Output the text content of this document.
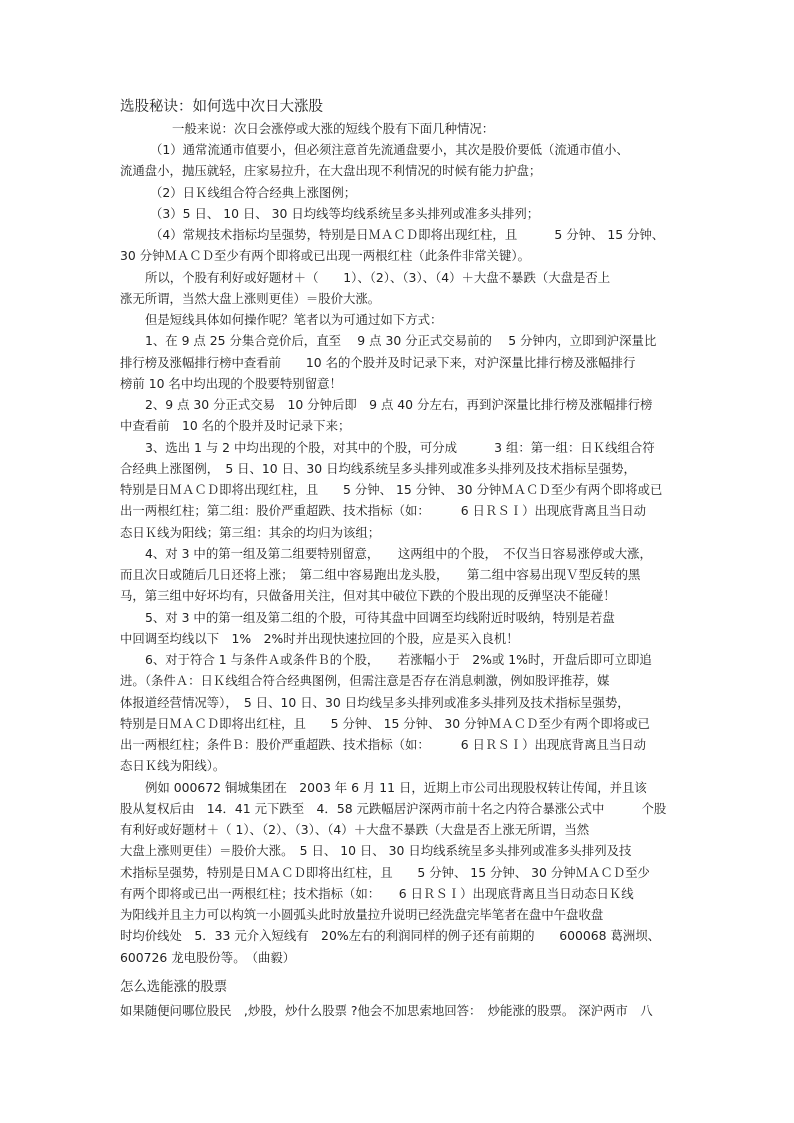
选股秘诀：如何选中次日大涨股
一般来说：次日会涨停或大涨的短线个股有下面几种情况：
（1）通常流通市值要小，但必须注意首先流通盘要小，其次是股价要低（流通市值小、
流通盘小，抛压就轻，庄家易拉升，在大盘出现不利情况的时候有能力护盘；
（2）日Ｋ线组合符合经典上涨图例；
（3）5 日、 10 日、 30 日均线等均线系统呈多头排列或准多头排列；
（4）常规技术指标均呈强势，特别是日ＭＡＣＤ即将出现红柱，且　　　5 分钟、 15 分钟、
30 分钟ＭＡＣＤ至少有两个即将或已出现一两根红柱（此条件非常关键）。
所以，个股有利好或好题材＋（　　1）、（2）、（3）、（4）＋大盘不暴跌（大盘是否上
涨无所谓，当然大盘上涨则更佳）＝股价大涨。
但是短线具体如何操作呢？笔者以为可通过如下方式：
1、在 9 点 25 分集合竞价后，直至　 9 点 30 分正式交易前的　 5 分钟内，立即到沪深量比
排行榜及涨幅排行榜中查看前　　10 名的个股并及时记录下来，对沪深量比排行榜及涨幅排行
榜前 10 名中均出现的个股要特别留意！
2、9 点 30 分正式交易　10 分钟后即　9 点 40 分左右，再到沪深量比排行榜及涨幅排行榜
中查看前　10 名的个股并及时记录下来；
3、选出 1 与 2 中均出现的个股，对其中的个股，可分成　　　3 组：第一组：日Ｋ线组合符
合经典上涨图例，　5 日、10 日、30 日均线系统呈多头排列或准多头排列及技术指标呈强势，
特别是日ＭＡＣＤ即将出现红柱，且　　5 分钟、 15 分钟、 30 分钟ＭＡＣＤ至少有两个即将或已
出一两根红柱；第二组：股价严重超跌、技术指标（如：　　　6 日ＲＳＩ）出现底背离且当日动
态日Ｋ线为阳线；第三组：其余的均归为该组；
4、对 3 中的第一组及第二组要特别留意，　　这两组中的个股，　不仅当日容易涨停或大涨，
而且次日或随后几日还将上涨；　第二组中容易跑出龙头股，　　第二组中容易出现Ｖ型反转的黑
马，第三组中好坏均有，只做备用关注，但对其中破位下跌的个股出现的反弹坚决不能碰！
5、对 3 中的第一组及第二组的个股，可待其盘中回调至均线附近时吸纳，特别是若盘
中回调至均线以下　1%　2%时并出现快速拉回的个股，应是买入良机！
6、对于符合 1 与条件Ａ或条件Ｂ的个股，　　若涨幅小于　2%或 1%时，开盘后即可立即追
进。（条件Ａ：日Ｋ线组合符合经典图例，但需注意是否存在消息刺激，例如股评推荐，媒
体报道经营情况等），　5 日、10 日、30 日均线呈多头排列或准多头排列及技术指标呈强势，
特别是日ＭＡＣＤ即将出红柱，且　　5 分钟、 15 分钟、 30 分钟ＭＡＣＤ至少有两个即将或已
出一两根红柱；条件Ｂ：股价严重超跌、技术指标（如：　　　6 日ＲＳＩ）出现底背离且当日动
态日Ｋ线为阳线）。
例如 000672 铜城集团在　2003 年 6 月 11 日，近期上市公司出现股权转让传闻，并且该
股从复权后由　14．41 元下跌至　4．58 元跌幅居沪深两市前十名之内符合暴涨公式中　　　个股
有利好或好题材＋（ 1）、（2）、（3）、（4）＋大盘不暴跌（大盘是否上涨无所谓，当然
大盘上涨则更佳）＝股价大涨。　5 日、 10 日、 30 日均线系统呈多头排列或准多头排列及技
术指标呈强势，特别是日ＭＡＣＤ即将出红柱，且　　5 分钟、 15 分钟、 30 分钟ＭＡＣＤ至少
有两个即将或已出一两根红柱；技术指标（如：　　6 日ＲＳＩ）出现底背离且当日动态日Ｋ线
为阳线并且主力可以构筑一小圆弧头此时放量拉升说明已经洗盘完毕笔者在盘中午盘收盘
时均价线处　5．33 元介入短线有　20%左右的利润同样的例子还有前期的　　600068 葛洲坝、
600726 龙电股份等。　（曲毅）
怎么选能涨的股票
如果随便问哪位股民　,炒股，炒什么股票 ?他会不加思索地回答：　炒能涨的股票。 深沪两市　八
